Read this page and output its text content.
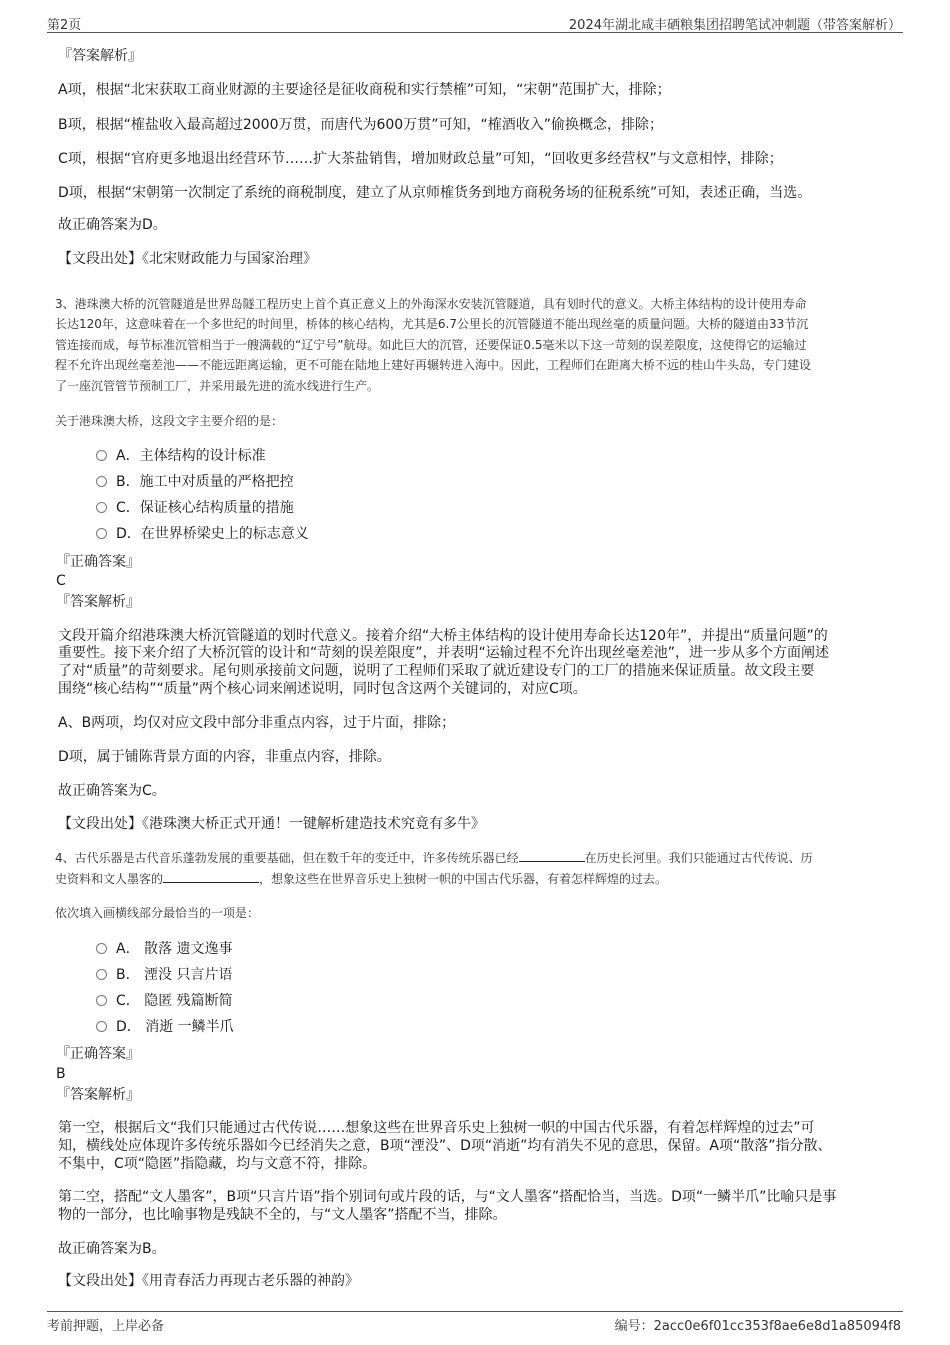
第2页	2024年湖北咸丰硒粮集团招聘笔试冲刺题（带答案解析）
『答案解析』
A项，根据“北宋获取工商业财源的主要途径是征收商税和实行禁榷”可知，“宋朝”范围扩大，排除；
B项，根据“榷盐收入最高超过2000万贯，而唐代为600万贯”可知，“榷酒收入”偷换概念，排除；
C项，根据“官府更多地退出经营环节……扩大茶盐销售，增加财政总量”可知，“回收更多经营权”与文意相悖，排除；
D项，根据“宋朝第一次制定了系统的商税制度，建立了从京师榷货务到地方商税务场的征税系统”可知，表述正确，当选。
故正确答案为D。
【文段出处】《北宋财政能力与国家治理》
3、港珠澳大桥的沉管隧道是世界岛隧工程历史上首个真正意义上的外海深水安装沉管隧道，具有划时代的意义。大桥主体结构的设计使用寿命
长达120年，这意味着在一个多世纪的时间里，桥体的核心结构，尤其是6.7公里长的沉管隧道不能出现丝毫的质量问题。大桥的隧道由33节沉
管连接而成，每节标准沉管相当于一艘满载的“辽宁号”航母。如此巨大的沉管，还要保证0.5毫米以下这一苛刻的误差限度，这使得它的运输过
程不允许出现丝毫差池——不能远距离运输，更不可能在陆地上建好再辗转进入海中。因此，工程师们在距离大桥不远的桂山牛头岛，专门建设
了一座沉管管节预制工厂，并采用最先进的流水线进行生产。
关于港珠澳大桥，这段文字主要介绍的是：
A．主体结构的设计标准
B．施工中对质量的严格把控
C．保证核心结构质量的措施
D．在世界桥梁史上的标志意义
『正确答案』
C
『答案解析』
文段开篇介绍港珠澳大桥沉管隧道的划时代意义。接着介绍“大桥主体结构的设计使用寿命长达120年”，并提出“质量问题”的
重要性。接下来介绍了大桥沉管的设计和“苛刻的误差限度”，并表明“运输过程不允许出现丝毫差池”，进一步从多个方面阐述
了对“质量”的苛刻要求。尾句则承接前文问题，说明了工程师们采取了就近建设专门的工厂的措施来保证质量。故文段主要
围绕“核心结构”“质量”两个核心词来阐述说明，同时包含这两个关键词的，对应C项。
A、B两项，均仅对应文段中部分非重点内容，过于片面，排除；
D项，属于铺陈背景方面的内容，非重点内容，排除。
故正确答案为C。
【文段出处】《港珠澳大桥正式开通！一键解析建造技术究竟有多牛》
4、古代乐器是古代音乐蓬勃发展的重要基础，但在数千年的变迁中，许多传统乐器已经	在历史长河里。我们只能通过古代传说、历
史资料和文人墨客的	，想象这些在世界音乐史上独树一帜的中国古代乐器，有着怎样辉煌的过去。
依次填入画横线部分最恰当的一项是：
A． 散落 遗文逸事
B． 湮没 只言片语
C． 隐匿 残篇断简
D． 消逝 一鳞半爪
『正确答案』
B
『答案解析』
第一空，根据后文“我们只能通过古代传说……想象这些在世界音乐史上独树一帜的中国古代乐器，有着怎样辉煌的过去”可
知，横线处应体现许多传统乐器如今已经消失之意，B项“湮没”、D项“消逝”均有消失不见的意思，保留。A项“散落”指分散、
不集中，C项“隐匿”指隐藏，均与文意不符，排除。
第二空，搭配“文人墨客”，B项“只言片语”指个别词句或片段的话，与“文人墨客”搭配恰当，当选。D项“一鳞半爪”比喻只是事
物的一部分，也比喻事物是残缺不全的，与“文人墨客”搭配不当，排除。
故正确答案为B。
【文段出处】《用青春活力再现古老乐器的神韵》
考前押题，上岸必备	编号：2acc0e6f01cc353f8ae6e8d1a85094f8
